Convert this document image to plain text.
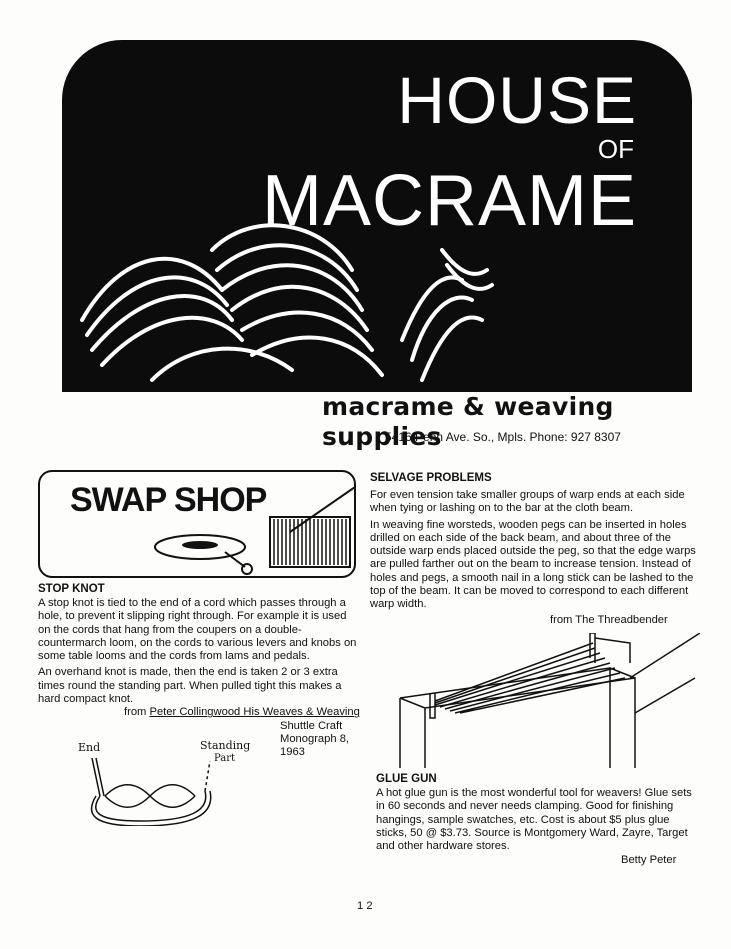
HOUSE
OF
MACRAME
macrame & weaving supplies
5416 Penn Ave. So., Mpls. Phone: 927 8307
SWAP SHOP
STOP KNOT
A stop knot is tied to the end of a cord which passes through a hole, to prevent it slipping right through. For example it is used on the cords that hang from the coupers on a double-countermarch loom, on the cords to various levers and knobs on some table looms and the cords from lams and pedals.
An overhand knot is made, then the end is taken 2 or 3 extra times round the standing part. When pulled tight this makes a hard compact knot.
from Peter Collingwood His Weaves & Weaving
End	Standing
Part
Shuttle Craft
Monograph 8,
1963
SELVAGE PROBLEMS
For even tension take smaller groups of warp ends at each side when tying or lashing on to the bar at the cloth beam.
In weaving fine worsteds, wooden pegs can be inserted in holes drilled on each side of the back beam, and about three of the outside warp ends placed outside the peg, so that the edge warps are pulled farther out on the beam to increase tension. Instead of holes and pegs, a smooth nail in a long stick can be lashed to the top of the beam. It can be moved to correspond to each different warp width.
from The Threadbender
GLUE GUN
A hot glue gun is the most wonderful tool for weavers! Glue sets in 60 seconds and never needs clamping. Good for finishing hangings, sample swatches, etc. Cost is about $5 plus glue sticks, 50 @ $3.73. Source is Montgomery Ward, Zayre, Target and other hardware stores.
Betty Peter
1 2
